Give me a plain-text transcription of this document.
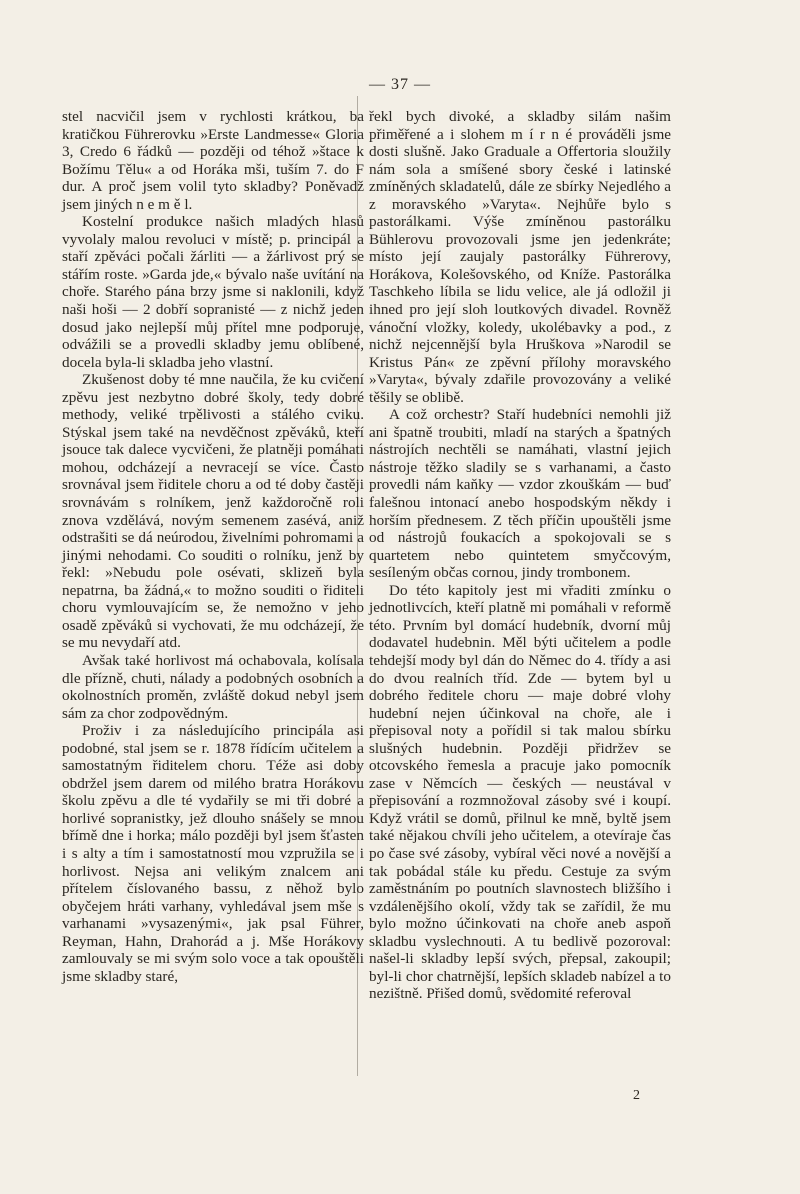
— 37 —

stel nacvičil jsem v rychlosti krátkou, ba kratičkou Führerovku »Erste Landmesse« Gloria 3, Credo 6 řádků — později od téhož »štace k Božímu Tělu« a od Horáka mši, tuším 7. do F dur. A proč jsem volil tyto skladby? Poněvadž jsem jiných n e m ě l.

Kostelní produkce našich mladých hlasů vyvolaly malou revoluci v místě; p. principál a staří zpěváci počali žárliti — a žárlivost prý se stářím roste. »Garda jde,« bývalo naše uvítání na choře. Starého pána brzy jsme si naklonili, když naši hoši — 2 dobří sopranisté — z nichž jeden dosud jako nejlepší můj přítel mne podporuje, odvážili se a provedli skladby jemu oblíbené, docela byla-li skladba jeho vlastní.

Zkušenost doby té mne naučila, že ku cvičení zpěvu jest nezbytno dobré školy, tedy dobré methody, veliké trpělivosti a stálého cviku. Stýskal jsem také na nevděčnost zpěváků, kteří jsouce tak dalece vycvičeni, že platněji pomáhati mohou, odcházejí a nevracejí se více. Často srovnával jsem řiditele choru a od té doby častěji srovnávám s rolníkem, jenž každoročně roli znova vzdělává, novým semenem zasévá, aniž odstrašiti se dá neúrodou, živelními pohromami a jinými nehodami. Co souditi o rolníku, jenž by řekl: »Nebudu pole osévati, sklizeň byla nepatrna, ba žádná,« to možno souditi o řiditeli choru vymlouvajícím se, že nemožno v jeho osadě zpěváků si vychovati, že mu odcházejí, že se mu nevydaří atd.

Avšak také horlivost má ochabovala, kolísala dle přízně, chuti, nálady a podobných osobních a okolnostních proměn, zvláště dokud nebyl jsem sám za chor zodpovědným.

Proživ i za následujícího principála asi podobné, stal jsem se r. 1878 řídícím učitelem a samostatným řiditelem choru. Téže asi doby obdržel jsem darem od milého bratra Horákovu školu zpěvu a dle té vydařily se mi tři dobré a horlivé sopranistky, jež dlouho snášely se mnou břímě dne i horka; málo později byl jsem šťasten i s alty a tím i samostatností mou vzpružila se i horlivost. Nejsa ani velikým znalcem ani přítelem číslovaného bassu, z něhož bylo obyčejem hráti varhany, vyhledával jsem mše s varhanami »vysazenými«, jak psal Führer, Reyman, Hahn, Drahorád a j. Mše Horákovy zamlouvaly se mi svým solo voce a tak opouštěli jsme skladby staré,

řekl bych divoké, a skladby silám našim přiměřené a i slohem m í r n é prováděli jsme dosti slušně. Jako Graduale a Offertoria sloužily nám sola a smíšené sbory české i latinské zmíněných skladatelů, dále ze sbírky Nejedlého a z moravského »Varyta«. Nejhůře bylo s pastorálkami. Výše zmíněnou pastorálku Bühlerovu provozovali jsme jen jedenkráte; místo její zaujaly pastorálky Führerovy, Horákova, Kolešovského, od Kníže. Pastorálka Taschkeho líbila se lidu velice, ale já odložil ji ihned pro její sloh loutkových divadel. Rovněž vánoční vložky, koledy, ukolébavky a pod., z nichž nejcennější byla Hruškova »Narodil se Kristus Pán« ze zpěvní přílohy moravského »Varyta«, bývaly zdařile provozovány a veliké těšily se oblibě.

A což orchestr? Staří hudebníci nemohli již ani špatně troubiti, mladí na starých a špatných nástrojích nechtěli se namáhati, vlastní jejich nástroje těžko sladily se s varhanami, a často provedli nám kaňky — vzdor zkouškám — buď falešnou intonací anebo hospodským někdy i horším přednesem. Z těch příčin upouštěli jsme od nástrojů foukacích a spokojovali se s quartetem nebo quintetem smyčcovým, sesíleným občas cornou, jindy trombonem.

Do této kapitoly jest mi vřaditi zmínku o jednotlivcích, kteří platně mi pomáhali v reformě této. Prvním byl domácí hudebník, dvorní můj dodavatel hudebnin. Měl býti učitelem a podle tehdejší mody byl dán do Němec do 4. třídy a asi do dvou realních tříd. Zde — bytem byl u dobrého ředitele choru — maje dobré vlohy hudební nejen účinkoval na choře, ale i přepisoval noty a pořídil si tak malou sbírku slušných hudebnin. Později přidržev se otcovského řemesla a pracuje jako pomocník zase v Němcích — českých — neustával v přepisování a rozmnožoval zásoby své i koupí. Když vrátil se domů, přilnul ke mně, byltě jsem také nějakou chvíli jeho učitelem, a otevíraje čas po čase své zásoby, vybíral věci nové a novější a tak pobádal stále ku předu. Cestuje za svým zaměstnáním po poutních slavnostech bližšího i vzdálenějšího okolí, vždy tak se zařídil, že mu bylo možno účinkovati na choře aneb aspoň skladbu vyslechnouti. A tu bedlivě pozoroval: našel-li skladby lepší svých, přepsal, zakoupil; byl-li chor chatrnější, lepších skladeb nabízel a to nezištně. Přišed domů, svědomité referoval

2
